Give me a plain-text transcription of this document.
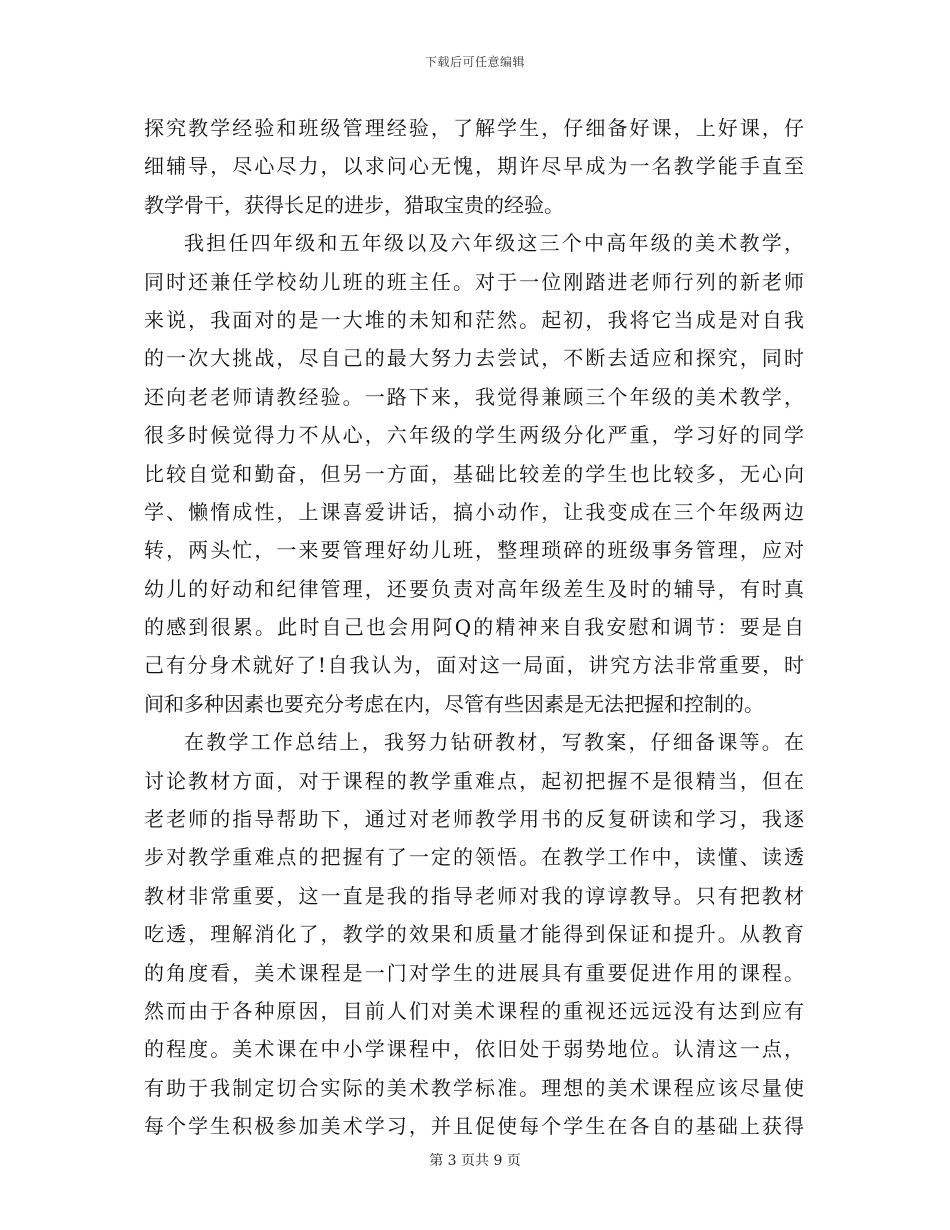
下载后可任意编辑
探究教学经验和班级管理经验，了解学生，仔细备好课，上好课，仔
细辅导，尽心尽力，以求问心无愧，期许尽早成为一名教学能手直至
教学骨干，获得长足的进步，猎取宝贵的经验。
我担任四年级和五年级以及六年级这三个中高年级的美术教学，
同时还兼任学校幼儿班的班主任。对于一位刚踏进老师行列的新老师
来说，我面对的是一大堆的未知和茫然。起初，我将它当成是对自我
的一次大挑战，尽自己的最大努力去尝试，不断去适应和探究，同时
还向老老师请教经验。一路下来，我觉得兼顾三个年级的美术教学，
很多时候觉得力不从心，六年级的学生两级分化严重，学习好的同学
比较自觉和勤奋，但另一方面，基础比较差的学生也比较多，无心向
学、懒惰成性，上课喜爱讲话，搞小动作，让我变成在三个年级两边
转，两头忙，一来要管理好幼儿班，整理琐碎的班级事务管理，应对
幼儿的好动和纪律管理，还要负责对高年级差生及时的辅导，有时真
的感到很累。此时自己也会用阿Q的精神来自我安慰和调节：要是自
己有分身术就好了!自我认为，面对这一局面，讲究方法非常重要，时
间和多种因素也要充分考虑在内，尽管有些因素是无法把握和控制的。
在教学工作总结上，我努力钻研教材，写教案，仔细备课等。在
讨论教材方面，对于课程的教学重难点，起初把握不是很精当，但在
老老师的指导帮助下，通过对老师教学用书的反复研读和学习，我逐
步对教学重难点的把握有了一定的领悟。在教学工作中，读懂、读透
教材非常重要，这一直是我的指导老师对我的谆谆教导。只有把教材
吃透，理解消化了，教学的效果和质量才能得到保证和提升。从教育
的角度看，美术课程是一门对学生的进展具有重要促进作用的课程。
然而由于各种原因，目前人们对美术课程的重视还远远没有达到应有
的程度。美术课在中小学课程中，依旧处于弱势地位。认清这一点，
有助于我制定切合实际的美术教学标准。理想的美术课程应该尽量使
每个学生积极参加美术学习，并且促使每个学生在各自的基础上获得
第 3 页共 9 页
